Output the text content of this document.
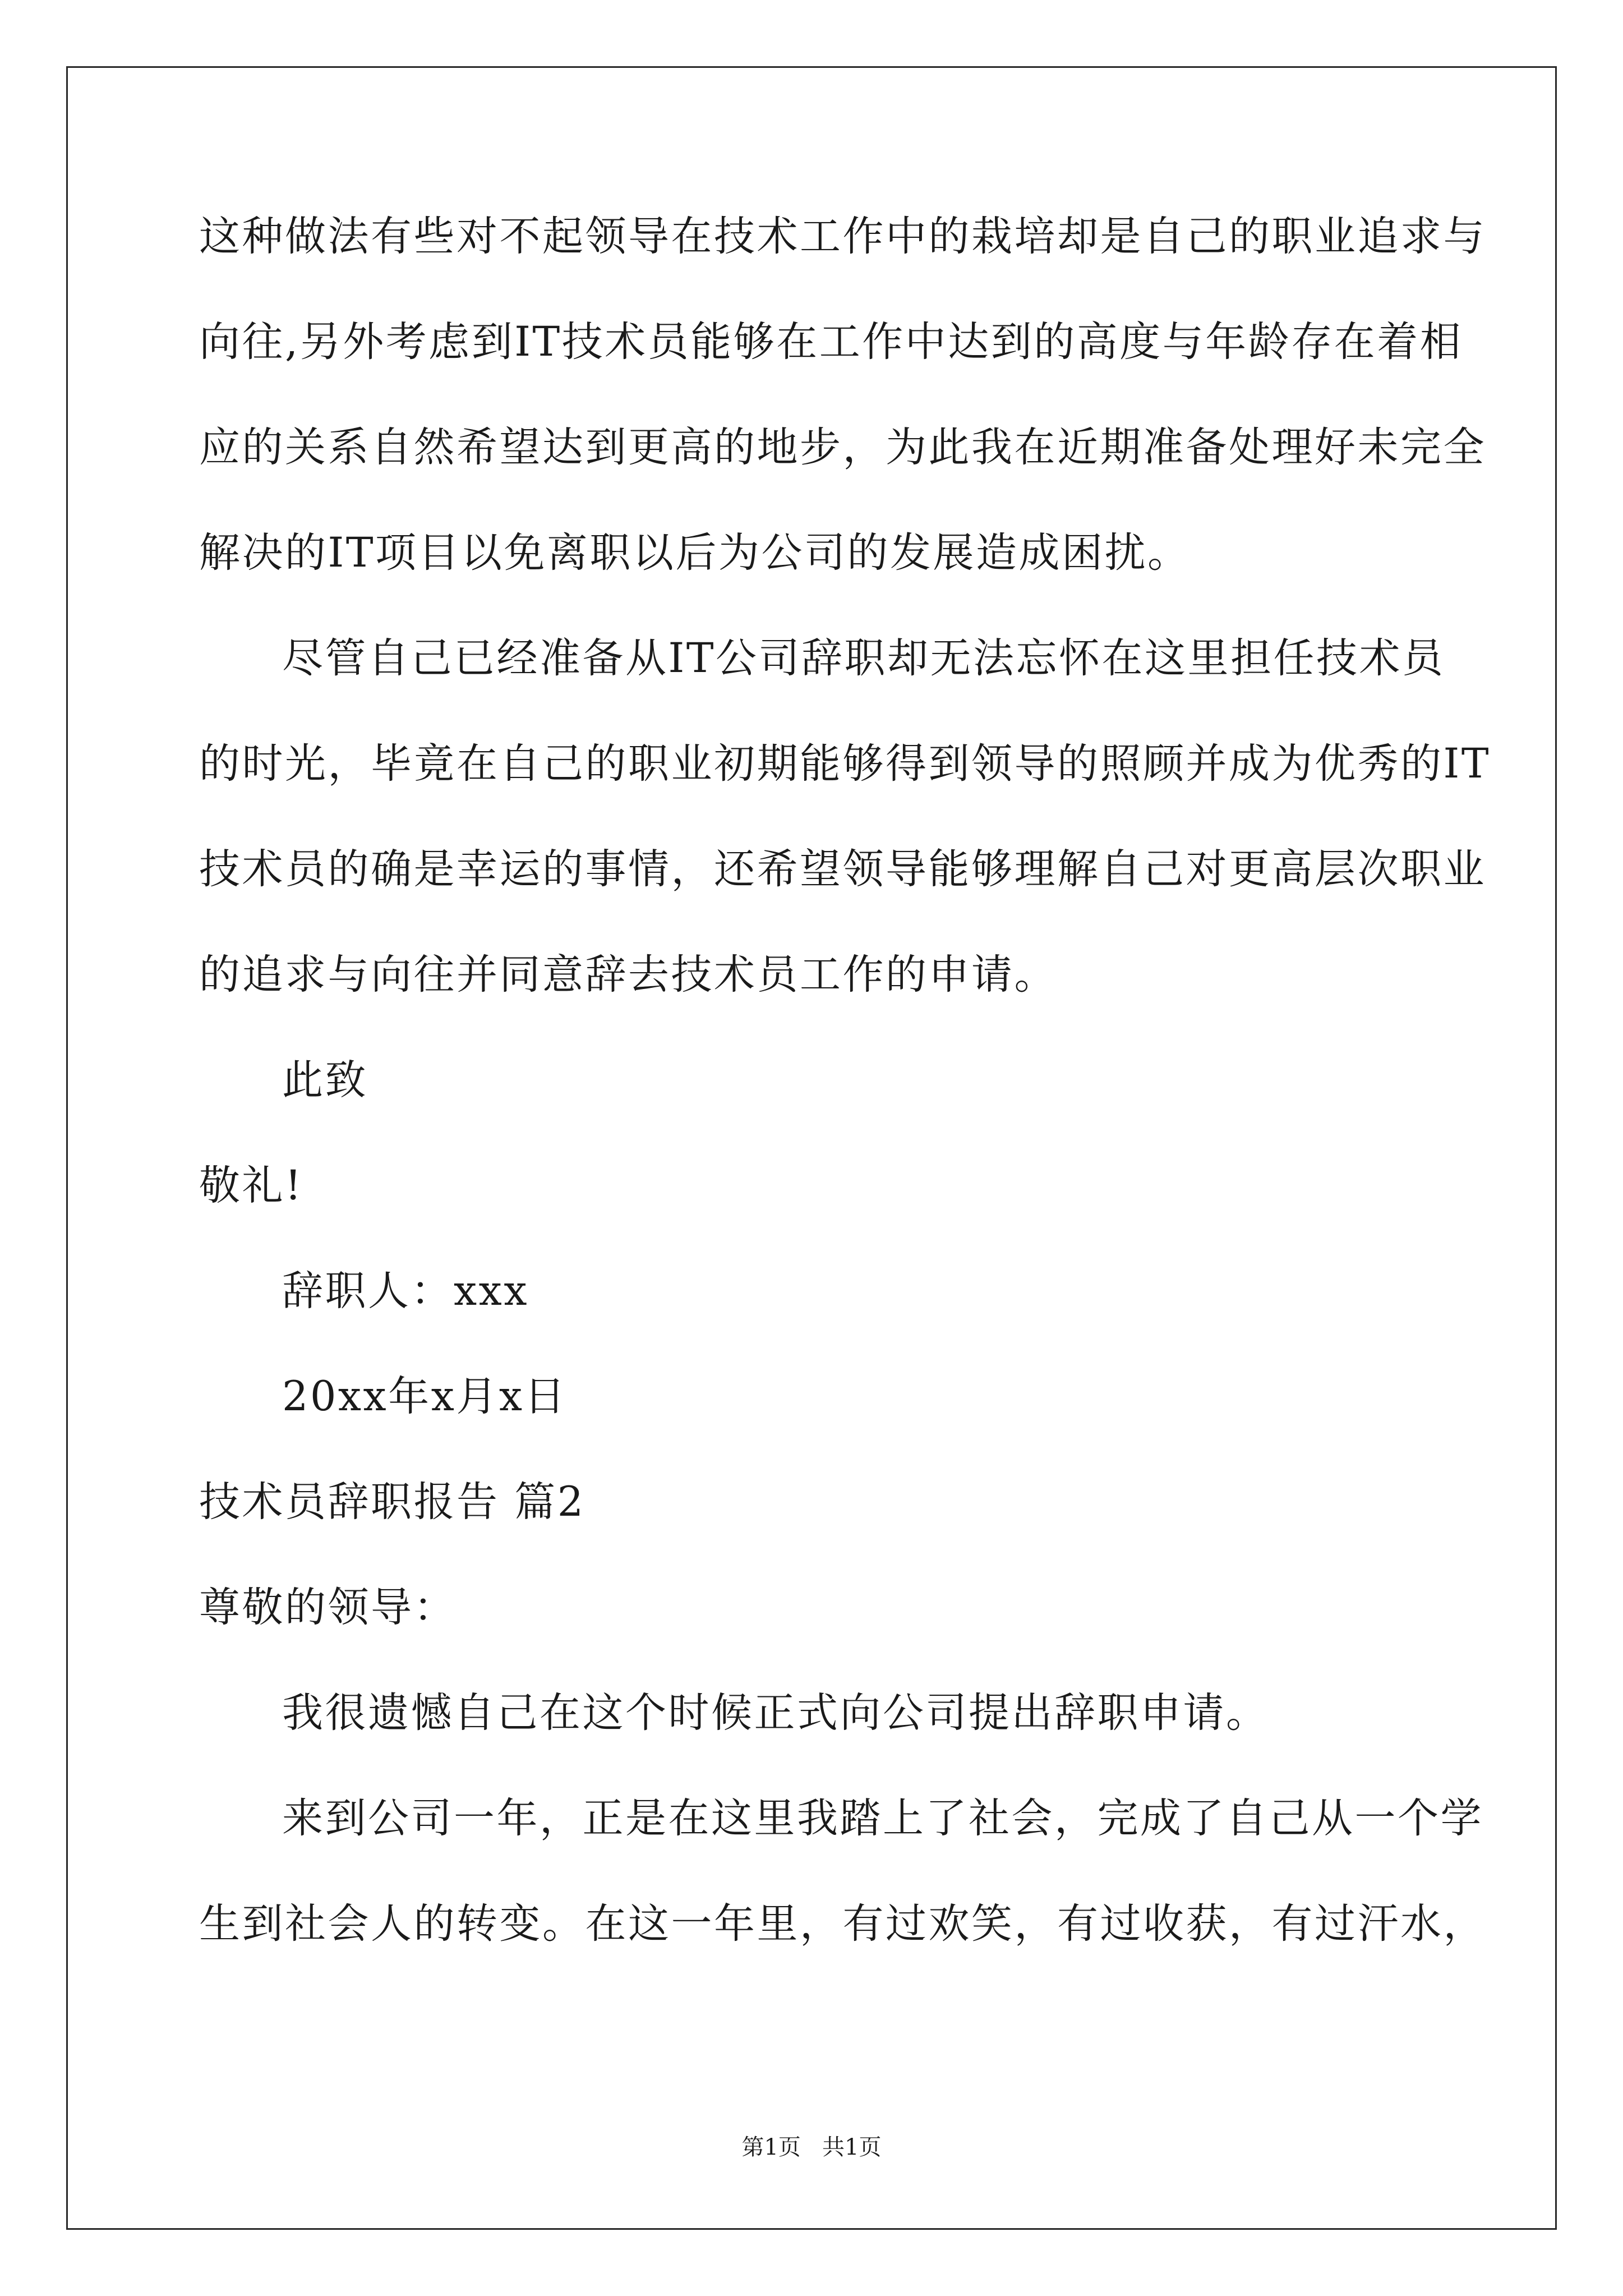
这种做法有些对不起领导在技术工作中的栽培却是自己的职业追求与
向往,另外考虑到IT技术员能够在工作中达到的高度与年龄存在着相
应的关系自然希望达到更高的地步，为此我在近期准备处理好未完全
解决的IT项目以免离职以后为公司的发展造成困扰。
尽管自己已经准备从IT公司辞职却无法忘怀在这里担任技术员
的时光，毕竟在自己的职业初期能够得到领导的照顾并成为优秀的IT
技术员的确是幸运的事情，还希望领导能够理解自己对更高层次职业
的追求与向往并同意辞去技术员工作的申请。
此致
敬礼!
辞职人：xxx
20xx年x月x日
技术员辞职报告 篇2
尊敬的领导：
我很遗憾自己在这个时候正式向公司提出辞职申请。
来到公司一年，正是在这里我踏上了社会，完成了自己从一个学
生到社会人的转变。在这一年里，有过欢笑，有过收获，有过汗水，
第1页   共1页
